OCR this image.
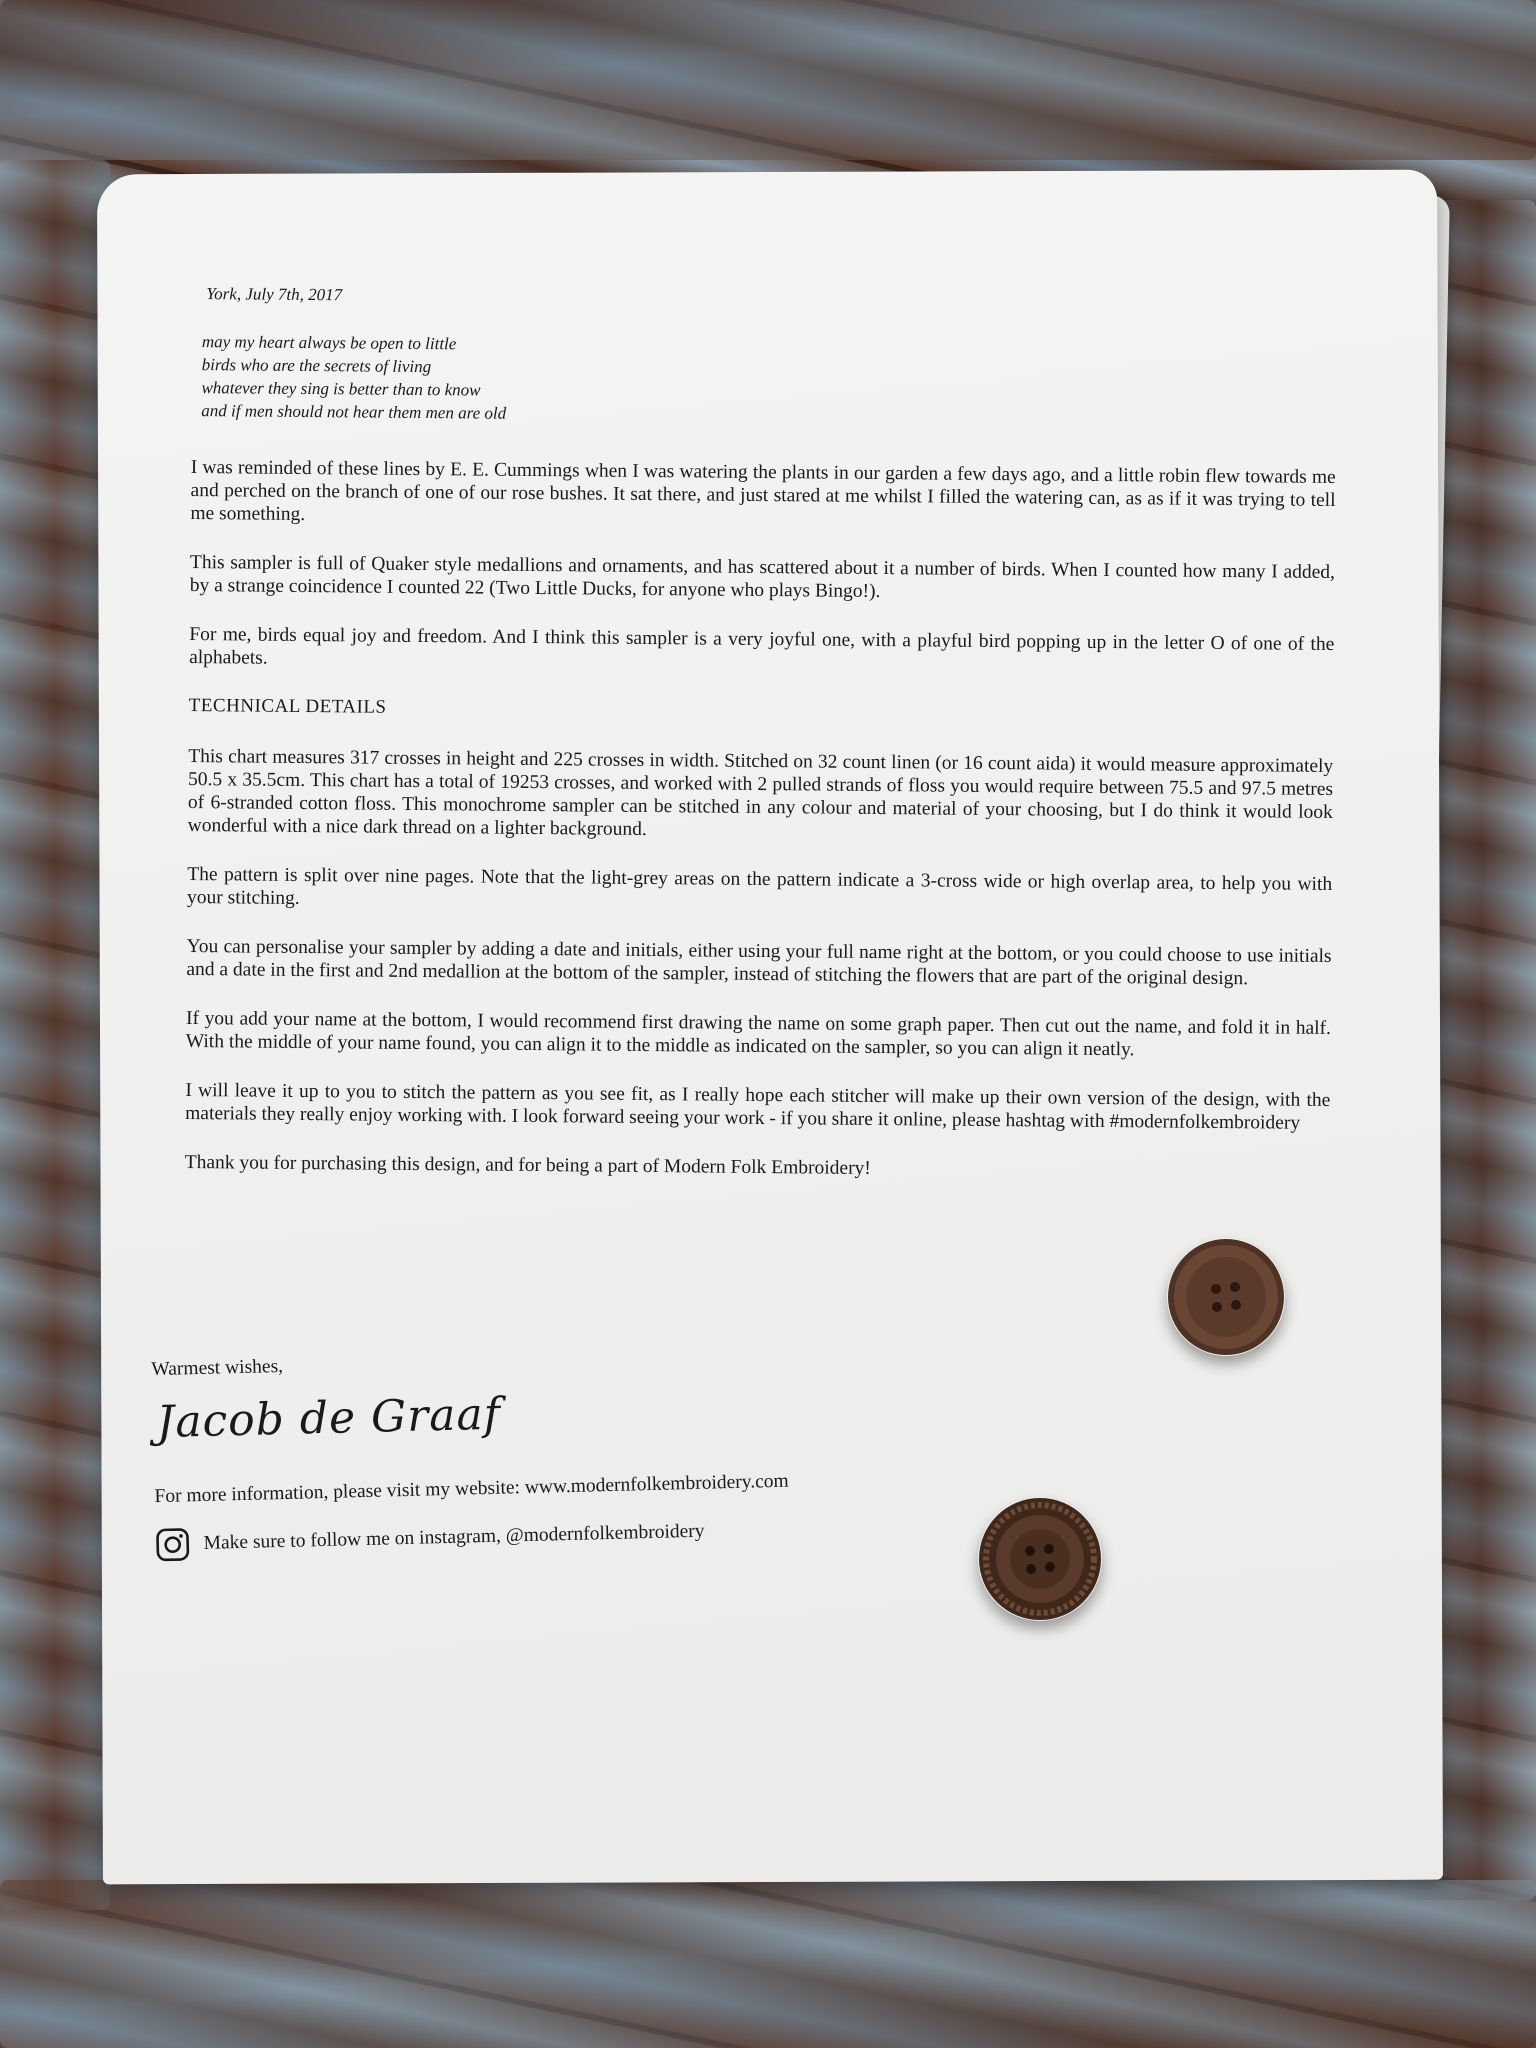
York, July 7th, 2017
may my heart always be open to little
birds who are the secrets of living
whatever they sing is better than to know
and if men should not hear them men are old

I was reminded of these lines by E. E. Cummings when I was watering the plants in our garden a few days ago, and a little robin flew towards me and perched on the branch of one of our rose bushes. It sat there, and just stared at me whilst I filled the watering can, as as if it was trying to tell me something.

This sampler is full of Quaker style medallions and ornaments, and has scattered about it a number of birds. When I counted how many I added, by a strange coincidence I counted 22 (Two Little Ducks, for anyone who plays Bingo!).

For me, birds equal joy and freedom. And I think this sampler is a very joyful one, with a playful bird popping up in the letter O of one of the alphabets.

TECHNICAL DETAILS

This chart measures 317 crosses in height and 225 crosses in width. Stitched on 32 count linen (or 16 count aida) it would measure approximately 50.5 x 35.5cm. This chart has a total of 19253 crosses, and worked with 2 pulled strands of floss you would require between 75.5 and 97.5 metres of 6-stranded cotton floss. This monochrome sampler can be stitched in any colour and material of your choosing, but I do think it would look wonderful with a nice dark thread on a lighter background.

The pattern is split over nine pages. Note that the light-grey areas on the pattern indicate a 3-cross wide or high overlap area, to help you with your stitching.

You can personalise your sampler by adding a date and initials, either using your full name right at the bottom, or you could choose to use initials and a date in the first and 2nd medallion at the bottom of the sampler, instead of stitching the flowers that are part of the original design.

If you add your name at the bottom, I would recommend first drawing the name on some graph paper. Then cut out the name, and fold it in half. With the middle of your name found, you can align it to the middle as indicated on the sampler, so you can align it neatly.

I will leave it up to you to stitch the pattern as you see fit, as I really hope each stitcher will make up their own version of the design, with the materials they really enjoy working with. I look forward seeing your work - if you share it online, please hashtag with #modernfolkembroidery

Thank you for purchasing this design, and for being a part of Modern Folk Embroidery!

Warmest wishes,
Jacob de Graaf
For more information, please visit my website: www.modernfolkembroidery.com
Make sure to follow me on instagram, @modernfolkembroidery
